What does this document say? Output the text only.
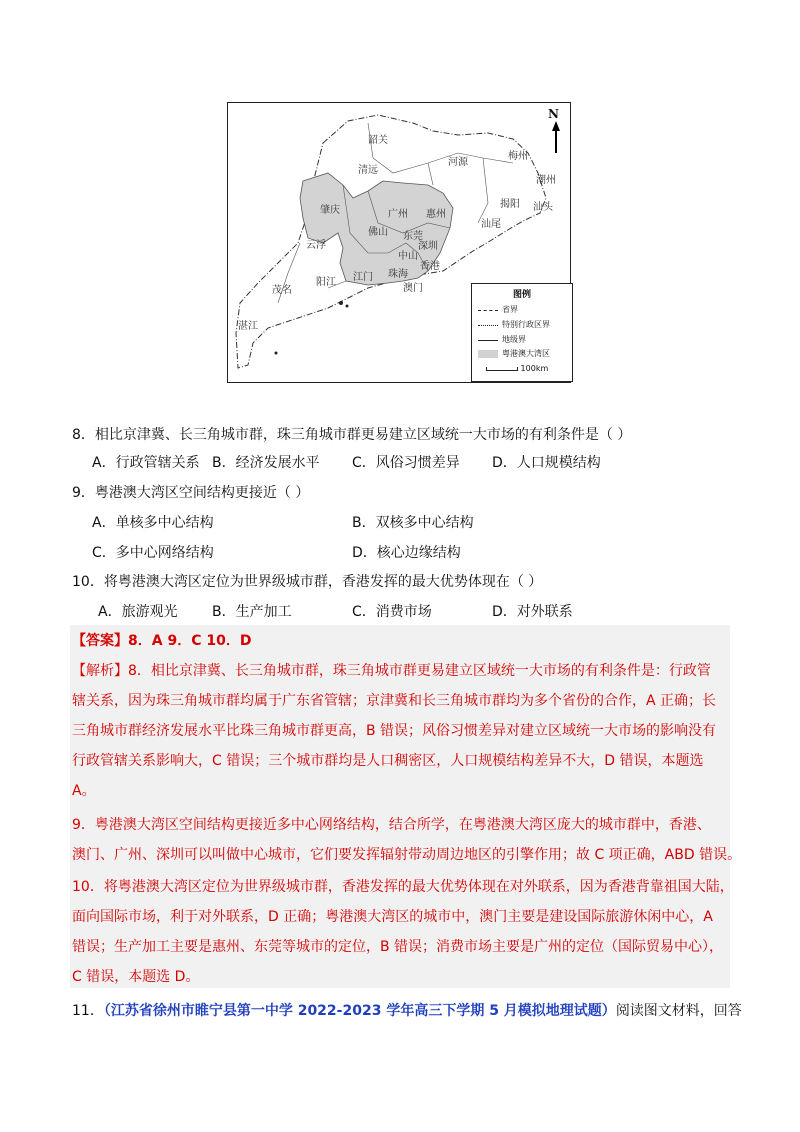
N
韶关
清远
河源
梅州
潮州
肇庆	广州 惠州
揭阳 汕头
汕尾
云浮
佛山 东莞
深圳
中山
香港
阳江 江门 珠海
澳门
茂名
湛江
图例
省界
特别行政区界
地级界
粤港澳大湾区
100km
8．相比京津冀、长三角城市群，珠三角城市群更易建立区域统一大市场的有利条件是（ ）
A．行政管辖关系 B．经济发展水平 C．风俗习惯差异 D．人口规模结构
9．粤港澳大湾区空间结构更接近（ ）
A．单核多中心结构	B．双核多中心结构
C．多中心网络结构	D．核心边缘结构
10．将粤港澳大湾区定位为世界级城市群，香港发挥的最大优势体现在（ ）
A．旅游观光 B．生产加工	C．消费市场	D．对外联系
【答案】8．A 9．C 10．D
【解析】8．相比京津冀、长三角城市群，珠三角城市群更易建立区域统一大市场的有利条件是：行政管
辖关系，因为珠三角城市群均属于广东省管辖；京津冀和长三角城市群均为多个省份的合作，A 正确；长
三角城市群经济发展水平比珠三角城市群更高，B 错误；风俗习惯差异对建立区域统一大市场的影响没有
行政管辖关系影响大，C 错误；三个城市群均是人口稠密区，人口规模结构差异不大，D 错误，本题选
A。
9．粤港澳大湾区空间结构更接近多中心网络结构，结合所学，在粤港澳大湾区庞大的城市群中，香港、
澳门、广州、深圳可以叫做中心城市，它们要发挥辐射带动周边地区的引擎作用；故 C 项正确，ABD 错误。
10．将粤港澳大湾区定位为世界级城市群，香港发挥的最大优势体现在对外联系，因为香港背靠祖国大陆，
面向国际市场，利于对外联系，D 正确；粤港澳大湾区的城市中，澳门主要是建设国际旅游休闲中心，A
错误；生产加工主要是惠州、东莞等城市的定位，B 错误；消费市场主要是广州的定位（国际贸易中心），
C 错误，本题选 D。
11．（江苏省徐州市睢宁县第一中学 2022-2023 学年高三下学期 5 月模拟地理试题）阅读图文材料，回答
